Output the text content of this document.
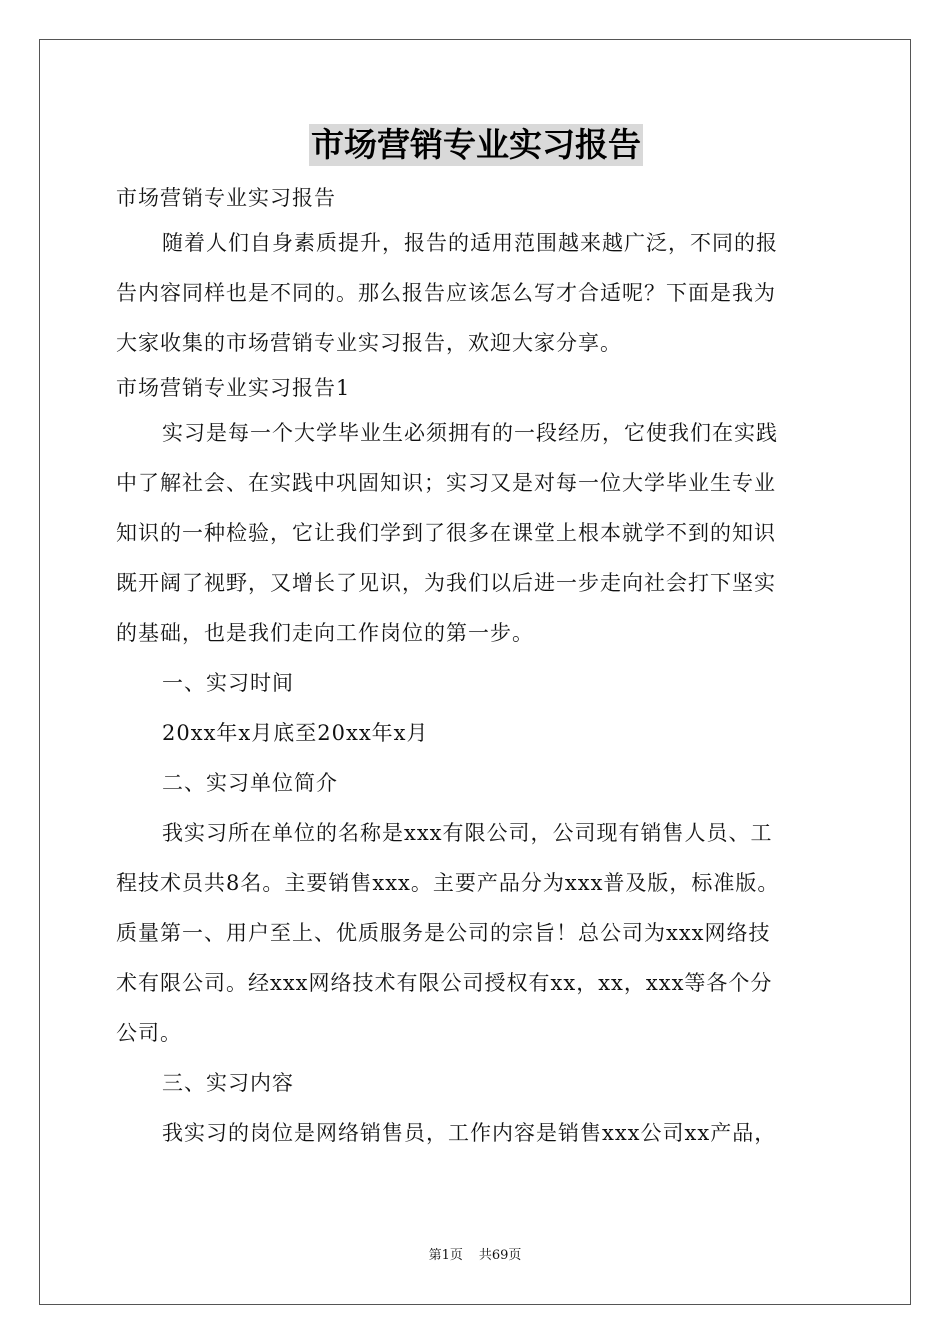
市场营销专业实习报告
市场营销专业实习报告
随着人们自身素质提升，报告的适用范围越来越广泛，不同的报
告内容同样也是不同的。那么报告应该怎么写才合适呢？下面是我为
大家收集的市场营销专业实习报告，欢迎大家分享。
市场营销专业实习报告1
实习是每一个大学毕业生必须拥有的一段经历，它使我们在实践
中了解社会、在实践中巩固知识；实习又是对每一位大学毕业生专业
知识的一种检验，它让我们学到了很多在课堂上根本就学不到的知识
既开阔了视野，又增长了见识，为我们以后进一步走向社会打下坚实
的基础，也是我们走向工作岗位的第一步。
一、实习时间
20xx年x月底至20xx年x月
二、实习单位简介
我实习所在单位的名称是xxx有限公司，公司现有销售人员、工
程技术员共8名。主要销售xxx。主要产品分为xxx普及版，标准版。
质量第一、用户至上、优质服务是公司的宗旨！总公司为xxx网络技
术有限公司。经xxx网络技术有限公司授权有xx，xx，xxx等各个分
公司。
三、实习内容
我实习的岗位是网络销售员，工作内容是销售xxx公司xx产品，
第1页 共69页
